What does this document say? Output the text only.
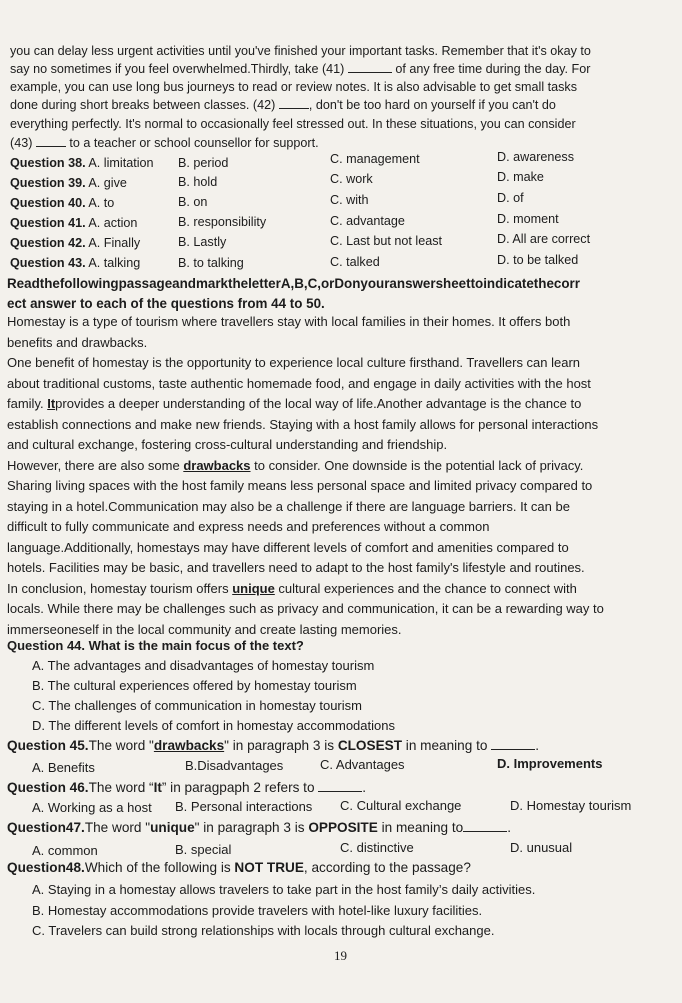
you can delay less urgent activities until you've finished your important tasks. Remember that it's okay to
say no sometimes if you feel overwhelmed.Thirdly, take (41)	of any free time during the day. For
example, you can use long bus journeys to read or review notes. It is also advisable to get small tasks
done during short breaks between classes. (42)	, don't be too hard on yourself if you can't do
everything perfectly. It's normal to occasionally feel stressed out. In these situations, you can consider
(43)	to a teacher or school counsellor for support.
Question 38. A. limitation B. period	C. management	D. awareness
Question 39. A. give	B. hold	C. work	D. make
Question 40. A. to	B. on	C. with	D. of
Question 41. A. action	B. responsibility	C. advantage	D. moment
Question 42. A. Finally	B. Lastly	C. Last but not least	D. All are correct
Question 43. A. talking	B. to talking	C. talked	D. to be talked
ReadthefollowingpassageandmarktheletterA,B,C,orDonyouranswersheettoindicatethecorr
ect answer to each of the questions from 44 to 50.
Homestay is a type of tourism where travellers stay with local families in their homes. It offers both
benefits and drawbacks.
One benefit of homestay is the opportunity to experience local culture firsthand. Travellers can learn
about traditional customs, taste authentic homemade food, and engage in daily activities with the host
family. Itprovides a deeper understanding of the local way of life.Another advantage is the chance to
establish connections and make new friends. Staying with a host family allows for personal interactions
and cultural exchange, fostering cross-cultural understanding and friendship.
However, there are also some drawbacks to consider. One downside is the potential lack of privacy.
Sharing living spaces with the host family means less personal space and limited privacy compared to
staying in a hotel.Communication may also be a challenge if there are language barriers. It can be
difficult to fully communicate and express needs and preferences without a common
language.Additionally, homestays may have different levels of comfort and amenities compared to
hotels. Facilities may be basic, and travellers need to adapt to the host family's lifestyle and routines.
In conclusion, homestay tourism offers unique cultural experiences and the chance to connect with
locals. While there may be challenges such as privacy and communication, it can be a rewarding way to
immerseoneself in the local community and create lasting memories.
Question 44. What is the main focus of the text?
A. The advantages and disadvantages of homestay tourism
B. The cultural experiences offered by homestay tourism
C. The challenges of communication in homestay tourism
D. The different levels of comfort in homestay accommodations
Question 45.The word "drawbacks" in paragraph 3 is CLOSEST in meaning to	.
A. Benefits	B.Disadvantages	C. Advantages	D. Improvements
Question 46.The word “It” in paragpaph 2 refers to	.
A. Working as a host B. Personal interactions C. Cultural exchange	D. Homestay tourism
Question47.The word "unique" in paragraph 3 is OPPOSITE in meaning to	.
A. common	B. special	C. distinctive	D. unusual
Question48.Which of the following is NOT TRUE, according to the passage?
A. Staying in a homestay allows travelers to take part in the host family’s daily activities.
B. Homestay accommodations provide travelers with hotel-like luxury facilities.
C. Travelers can build strong relationships with locals through cultural exchange.
19
